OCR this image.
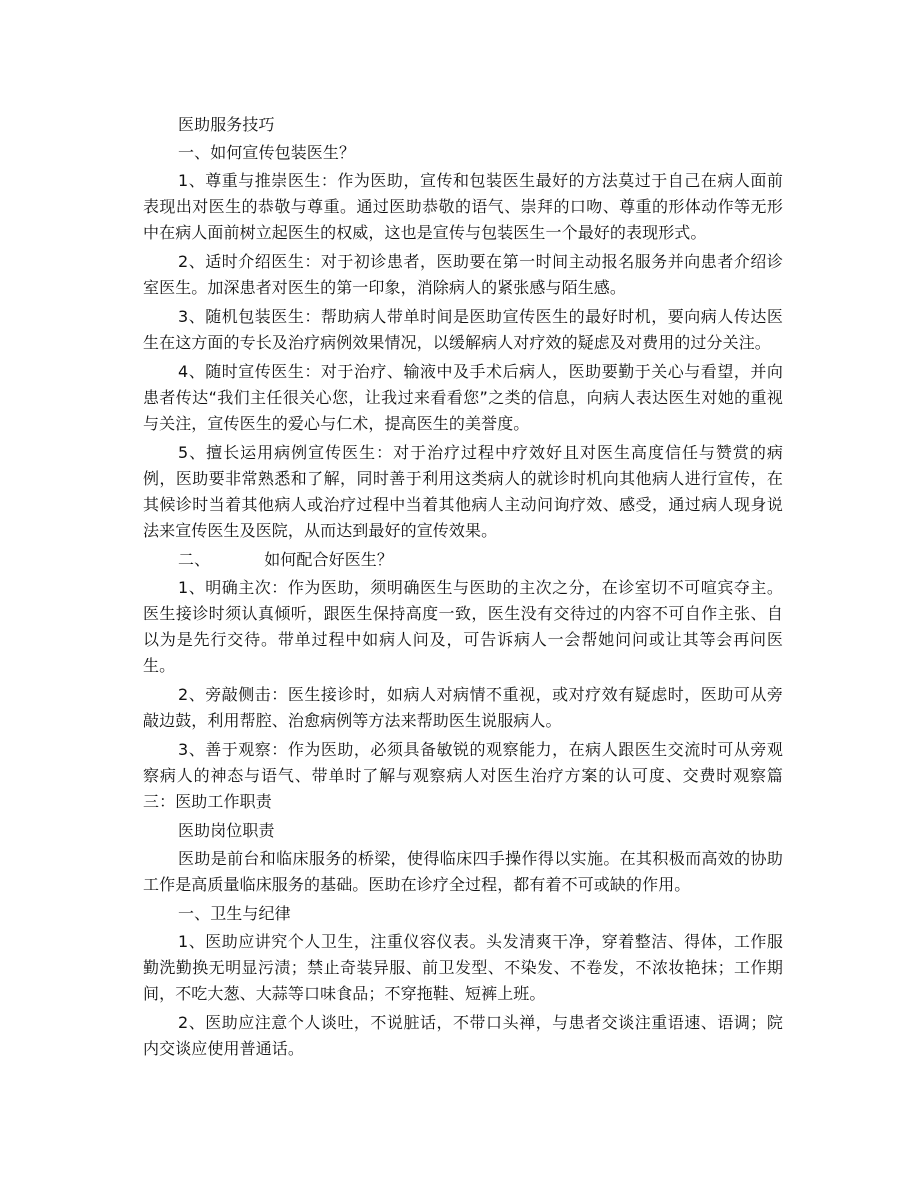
医助服务技巧

一、如何宣传包装医生？

1、尊重与推崇医生：作为医助，宣传和包装医生最好的方法莫过于自己在病人面前表现出对医生的恭敬与尊重。通过医助恭敬的语气、崇拜的口吻、尊重的形体动作等无形中在病人面前树立起医生的权威，这也是宣传与包装医生一个最好的表现形式。

2、适时介绍医生：对于初诊患者，医助要在第一时间主动报名服务并向患者介绍诊室医生。加深患者对医生的第一印象，消除病人的紧张感与陌生感。

3、随机包装医生：帮助病人带单时间是医助宣传医生的最好时机，要向病人传达医生在这方面的专长及治疗病例效果情况，以缓解病人对疗效的疑虑及对费用的过分关注。

4、随时宣传医生：对于治疗、输液中及手术后病人，医助要勤于关心与看望，并向患者传达“我们主任很关心您，让我过来看看您”之类的信息，向病人表达医生对她的重视与关注，宣传医生的爱心与仁术，提高医生的美誉度。

5、擅长运用病例宣传医生：对于治疗过程中疗效好且对医生高度信任与赞赏的病例，医助要非常熟悉和了解，同时善于利用这类病人的就诊时机向其他病人进行宣传，在其候诊时当着其他病人或治疗过程中当着其他病人主动问询疗效、感受，通过病人现身说法来宣传医生及医院，从而达到最好的宣传效果。

二、	如何配合好医生？

1、明确主次：作为医助，须明确医生与医助的主次之分，在诊室切不可喧宾夺主。医生接诊时须认真倾听，跟医生保持高度一致，医生没有交待过的内容不可自作主张、自以为是先行交待。带单过程中如病人问及，可告诉病人一会帮她问问或让其等会再问医生。

2、旁敲侧击：医生接诊时，如病人对病情不重视，或对疗效有疑虑时，医助可从旁敲边鼓，利用帮腔、治愈病例等方法来帮助医生说服病人。

3、善于观察：作为医助，必须具备敏锐的观察能力，在病人跟医生交流时可从旁观察病人的神态与语气、带单时了解与观察病人对医生治疗方案的认可度、交费时观察篇三：医助工作职责

医助岗位职责

医助是前台和临床服务的桥梁，使得临床四手操作得以实施。在其积极而高效的协助工作是高质量临床服务的基础。医助在诊疗全过程，都有着不可或缺的作用。

一、卫生与纪律

1、医助应讲究个人卫生，注重仪容仪表。头发清爽干净，穿着整洁、得体，工作服勤洗勤换无明显污渍；禁止奇装异服、前卫发型、不染发、不卷发，不浓妆艳抹；工作期间，不吃大葱、大蒜等口味食品；不穿拖鞋、短裤上班。

2、医助应注意个人谈吐，不说脏话，不带口头禅，与患者交谈注重语速、语调；院内交谈应使用普通话。
